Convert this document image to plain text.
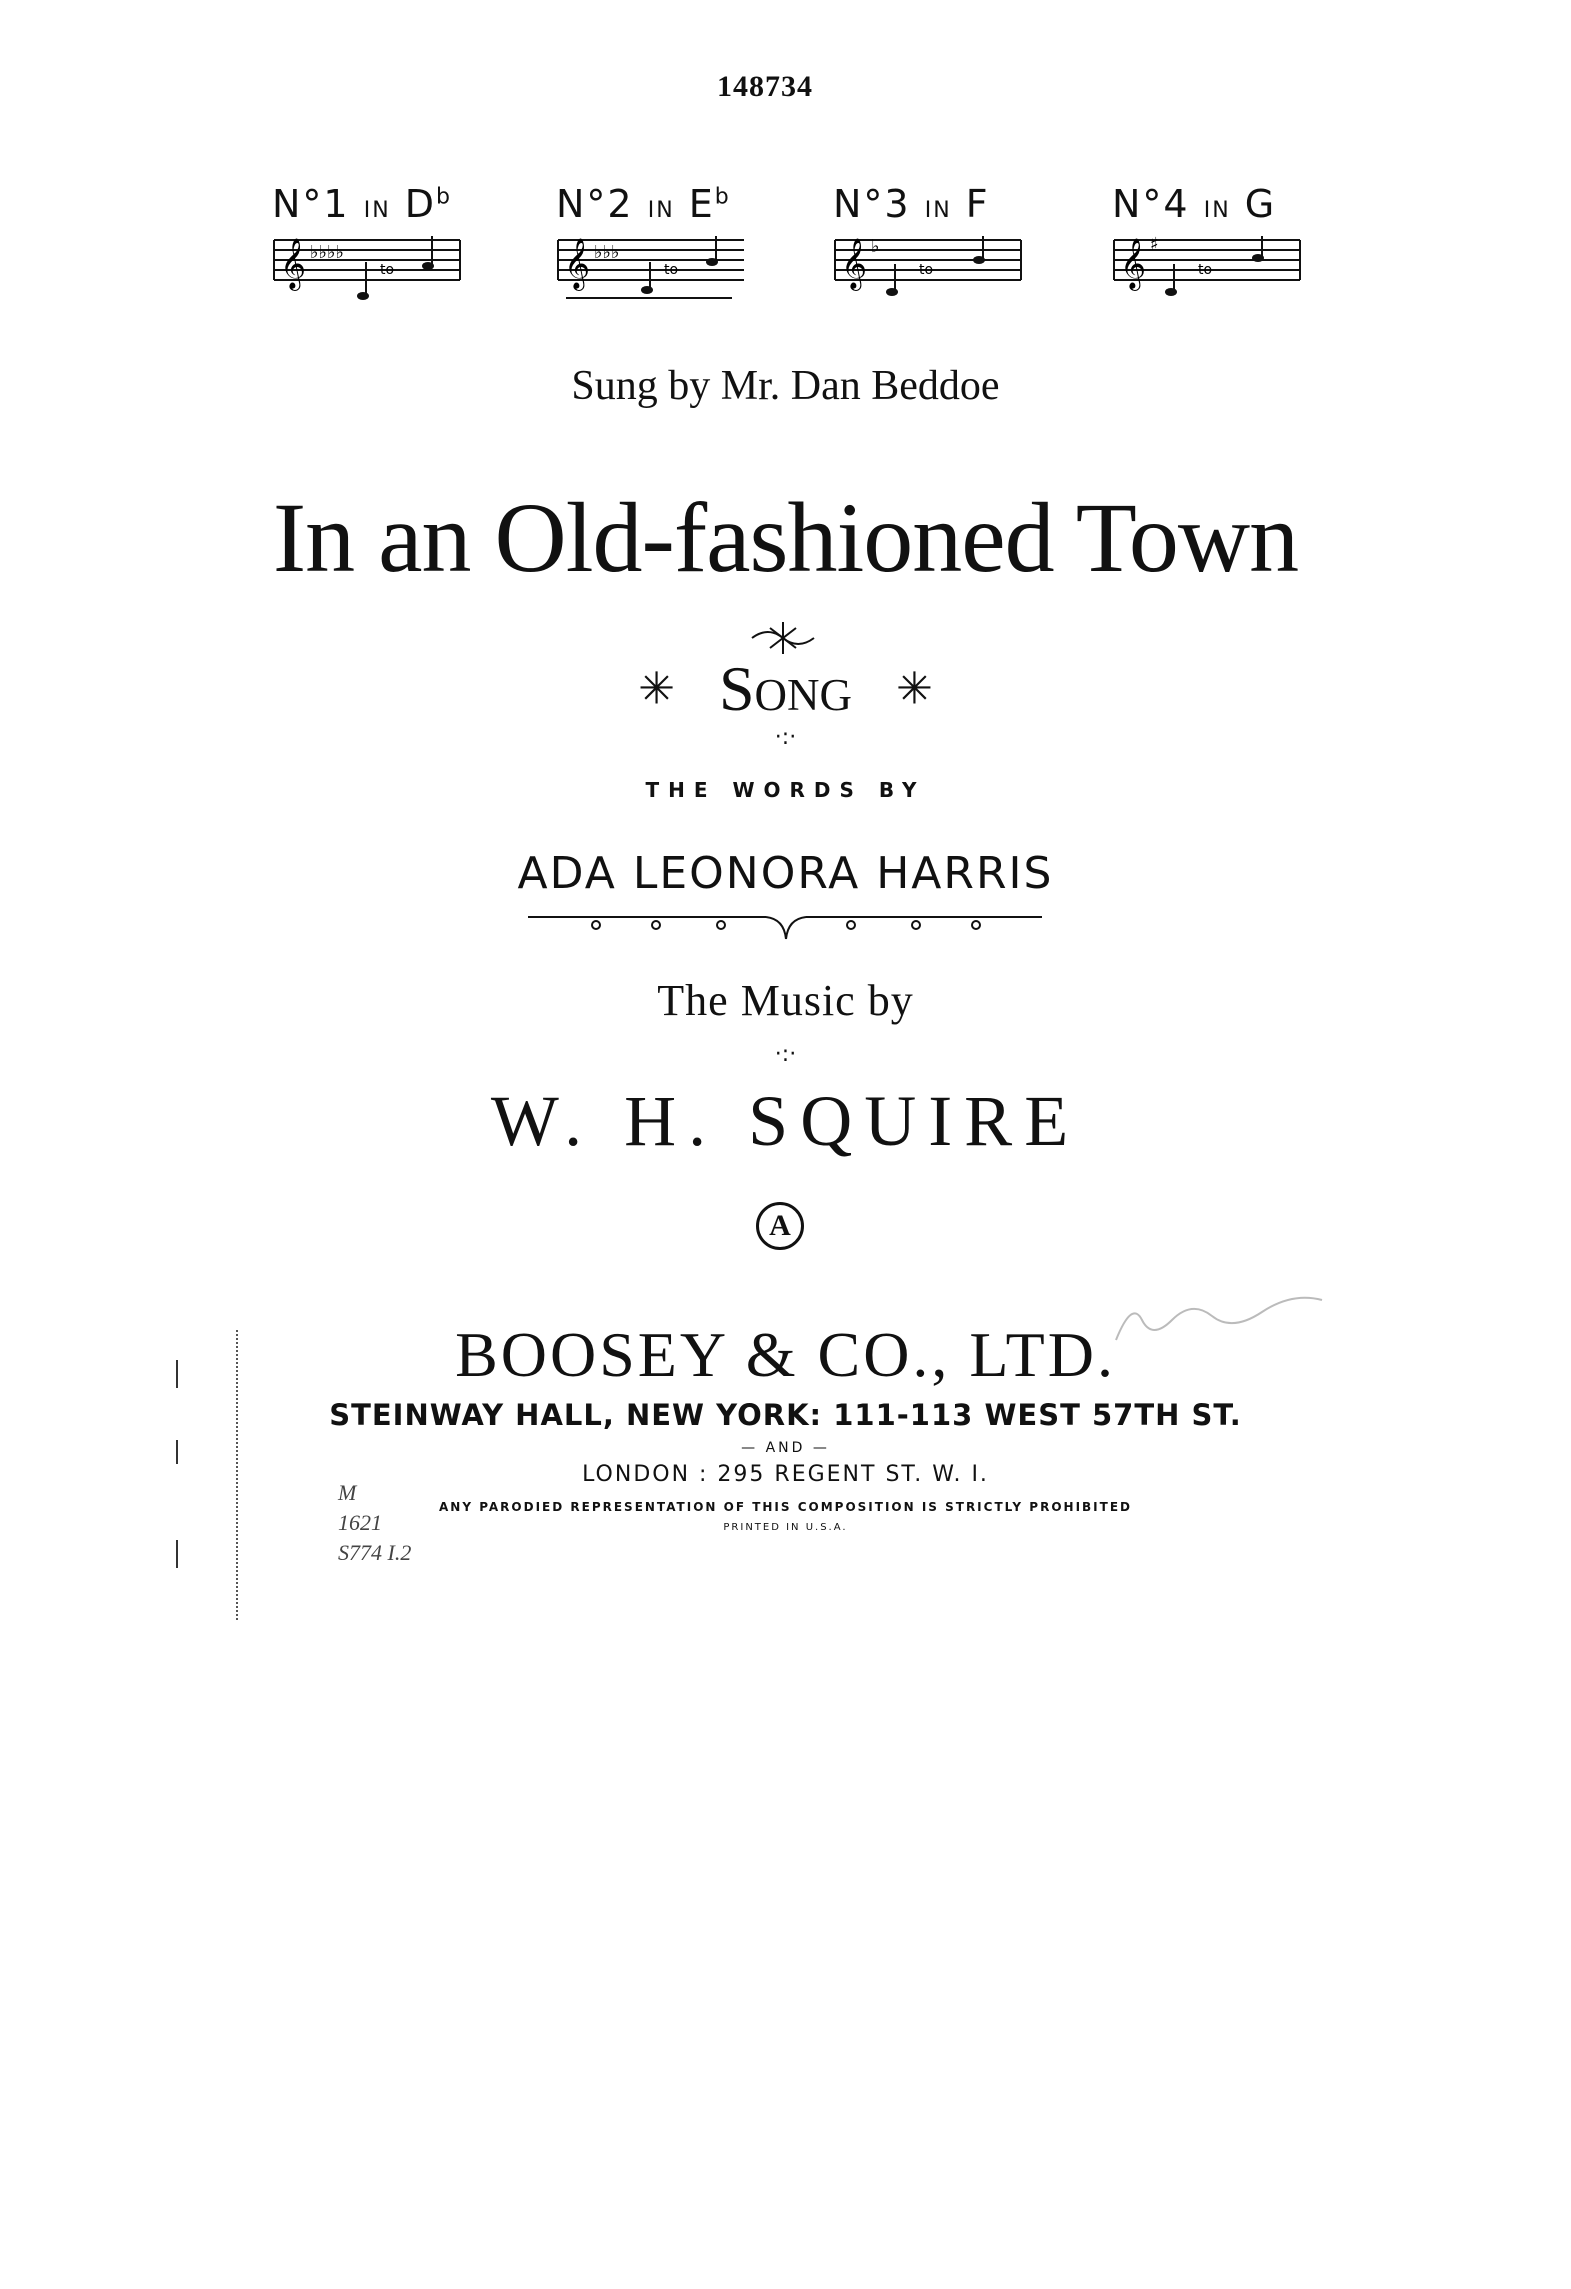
148734
N°1 IN $D^b$	N°2 IN $E^b$	N°3 IN F	N°4 IN G
𝄞 ♭♭♭♭
to	𝄞 ♭♭♭
to	𝄞 ♭
to	𝄞 ♯
to
Sung by Mr. Dan Beddoe
In an Old-fashioned Town
✳ Song ✳
·:·
THE WORDS BY
ADA LEONORA HARRIS
The Music by
·:·
W. H. SQUIRE
A
BOOSEY & CO., LTD.
STEINWAY HALL, NEW YORK: 111-113 WEST 57TH ST.
— AND —
LONDON : 295 REGENT ST. W. I.
ANY PARODIED REPRESENTATION OF THIS COMPOSITION IS STRICTLY PROHIBITED
PRINTED IN U.S.A.
M
1621
S774 I.2
